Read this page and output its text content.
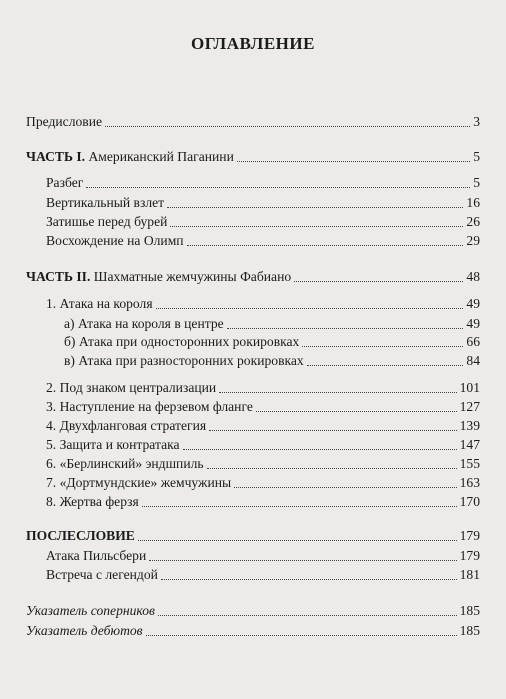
ОГЛАВЛЕНИЕ
Предисловие	3
ЧАСТЬ I. Американский Паганини	5
Разбег	5
Вертикальный взлет	16
Затишье перед бурей	26
Восхождение на Олимп	29
ЧАСТЬ II. Шахматные жемчужины Фабиано	48
1. Атака на короля	49
а) Атака на короля в центре	49
б) Атака при односторонних рокировках	66
в) Атака при разносторонних рокировках	84
2. Под знаком централизации	101
3. Наступление на ферзевом фланге	127
4. Двухфланговая стратегия	139
5. Защита и контратака	147
6. «Берлинский» эндшпиль	155
7. «Дортмундские» жемчужины	163
8. Жертва ферзя	170
ПОСЛЕСЛОВИЕ	179
Атака Пильсбери	179
Встреча с легендой	181
Указатель соперников	185
Указатель дебютов	185
